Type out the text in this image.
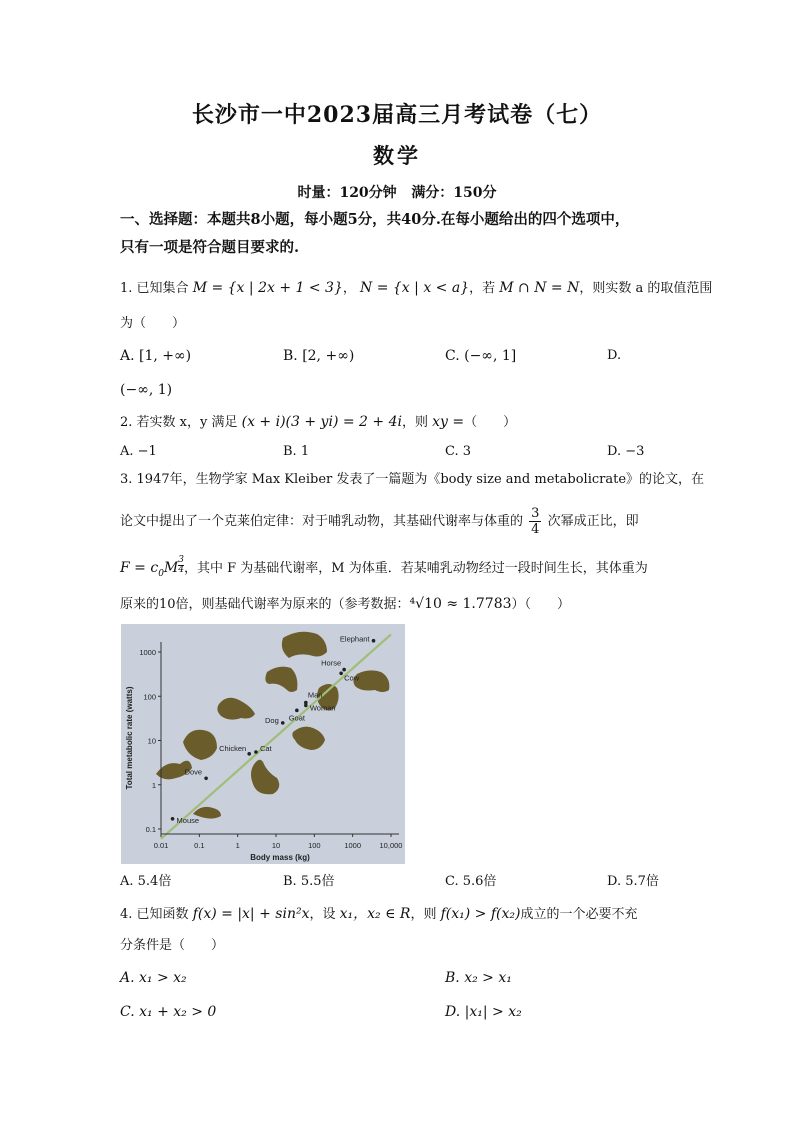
长沙市一中2023届高三月考试卷（七）
数学
时量：120分钟 满分：150分
一、选择题：本题共8小题，每小题5分，共40分.在每小题给出的四个选项中，
只有一项是符合题目要求的.
1. 已知集合 M = {x | 2x + 1 < 3}， N = {x | x < a}，若 M ∩ N = N，则实数 a 的取值范围
为（　　）
A. [1, +∞)	B. [2, +∞)	C. (−∞, 1]	D.
(−∞, 1)
2. 若实数 x，y 满足 (x + i)(3 + yi) = 2 + 4i，则 xy =（　　）
A. −1	B. 1	C. 3	D. −3
3. 1947年，生物学家 Max Kleiber 发表了一篇题为《body size and metabolicrate》的论文，在
论文中提出了一个克莱伯定律：对于哺乳动物，其基础代谢率与体重的 $\frac{3}{4}$ 次幂成正比，即
$F = c_0M$ $^{\frac{3}{4}}$ ，其中 F 为基础代谢率，M 为体重．若某哺乳动物经过一段时间生长，其体重为
原来的10倍，则基础代谢率为原来的（参考数据：⁴√10 ≈ 1.7783）（　　）
0.01	0.1	1	10	100	1000 10,000
0.1
1
10
100
1000
Mouse
Dove
Chicken Cat
Dog Goat
Man
Woman
Cow
Horse
Elephant
Body mass (kg)
Total metabolic rate (watts)
A. 5.4倍	B. 5.5倍	C. 5.6倍	D. 5.7倍
4. 已知函数 f(x) = |x| + sin²x，设 x₁，x₂ ∈ R，则 f(x₁) > f(x₂)成立的一个必要不充
分条件是（　　）
A. x₁ > x₂	B. x₂ > x₁
C. x₁ + x₂ > 0	D. |x₁| > x₂
